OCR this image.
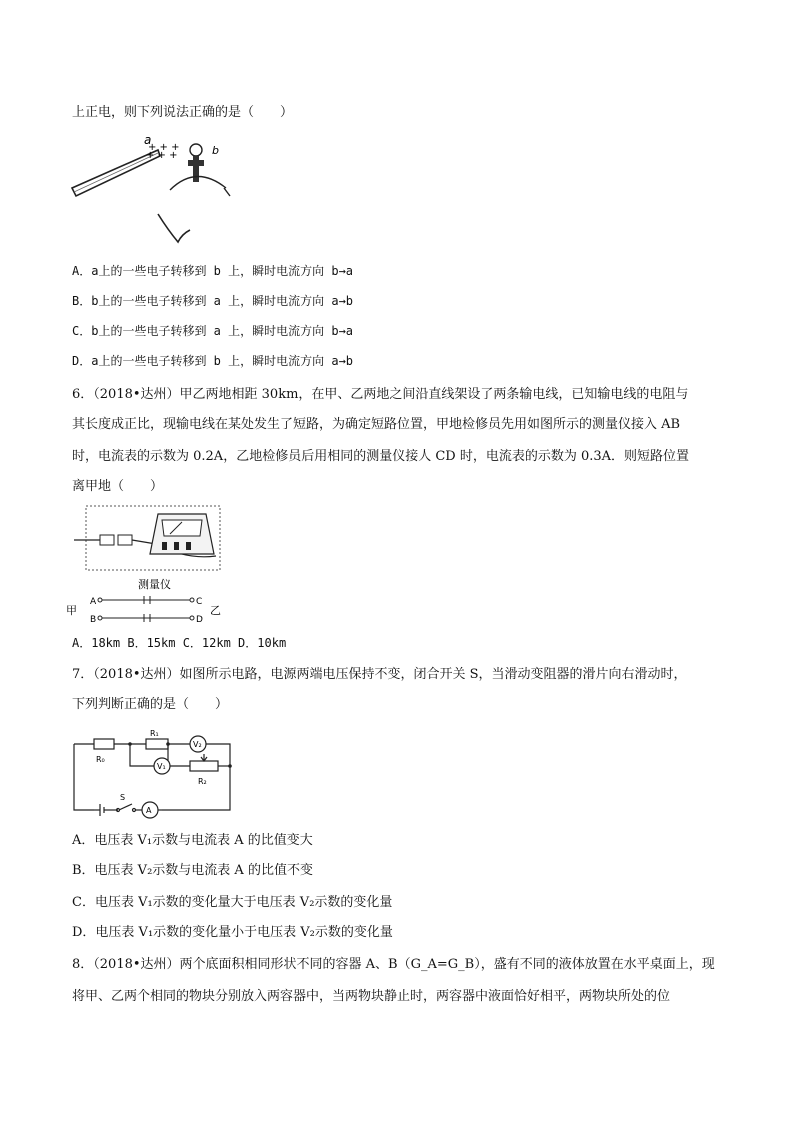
上正电，则下列说法正确的是（　　）
a
+ + +
+ + +	b
A．a上的一些电子转移到 b 上，瞬时电流方向 b→a
B．b上的一些电子转移到 a 上，瞬时电流方向 a→b
C．b上的一些电子转移到 a 上，瞬时电流方向 b→a
D．a上的一些电子转移到 b 上，瞬时电流方向 a→b
6．（2018•达州）甲乙两地相距 30km，在甲、乙两地之间沿直线架设了两条输电线，已知输电线的电阻与
其长度成正比，现输电线在某处发生了短路，为确定短路位置，甲地检修员先用如图所示的测量仪接入 AB
时，电流表的示数为 0.2A，乙地检修员后用相同的测量仪接人 CD 时，电流表的示数为 0.3A．则短路位置
离甲地（　　）
测量仪
甲
A
B
C
D
乙
A．18km B．15km C．12km D．10km
7．（2018•达州）如图所示电路，电源两端电压保持不变，闭合开关 S，当滑动变阻器的滑片向右滑动时，
下列判断正确的是（　　）
R₀
R₁
R₂
V₂
V₁
A
S
A．电压表 V₁示数与电流表 A 的比值变大
B．电压表 V₂示数与电流表 A 的比值不变
C．电压表 V₁示数的变化量大于电压表 V₂示数的变化量
D．电压表 V₁示数的变化量小于电压表 V₂示数的变化量
8．（2018•达州）两个底面积相同形状不同的容器 A、B（G_A=G_B），盛有不同的液体放置在水平桌面上，现
将甲、乙两个相同的物块分别放入两容器中，当两物块静止时，两容器中液面恰好相平，两物块所处的位
